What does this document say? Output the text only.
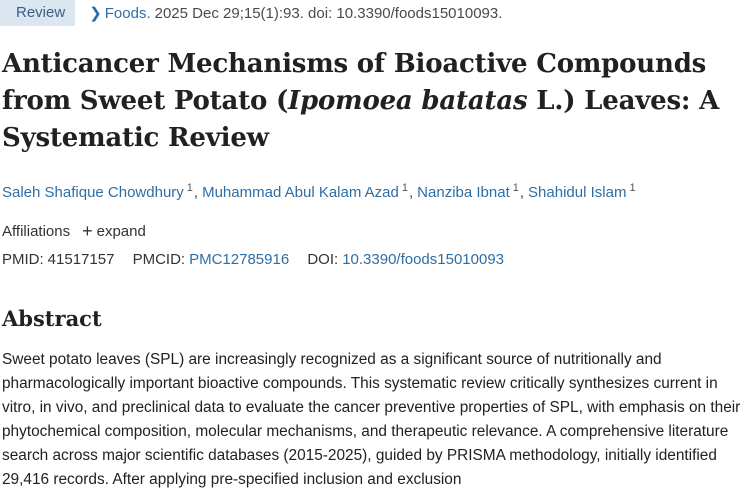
Review	❯ Foods. 2025 Dec 29;15(1):93. doi: 10.3390/foods15010093.
Anticancer Mechanisms of Bioactive Compounds from Sweet Potato (Ipomoea batatas L.) Leaves: A Systematic Review
Saleh Shafique Chowdhury $^1$, Muhammad Abul Kalam Azad $^1$, Nanziba Ibnat $^1$, Shahidul Islam $^1$
Affiliations + expand
PMID: 41517157 PMCID: PMC12785916 DOI: 10.3390/foods15010093
Abstract

Sweet potato leaves (SPL) are increasingly recognized as a significant source of nutritionally and pharmacologically important bioactive compounds. This systematic review critically synthesizes current in vitro, in vivo, and preclinical data to evaluate the cancer preventive properties of SPL, with emphasis on their phytochemical composition, molecular mechanisms, and therapeutic relevance. A comprehensive literature search across major scientific databases (2015-2025), guided by PRISMA methodology, initially identified 29,416 records. After applying pre-specified inclusion and exclusion
